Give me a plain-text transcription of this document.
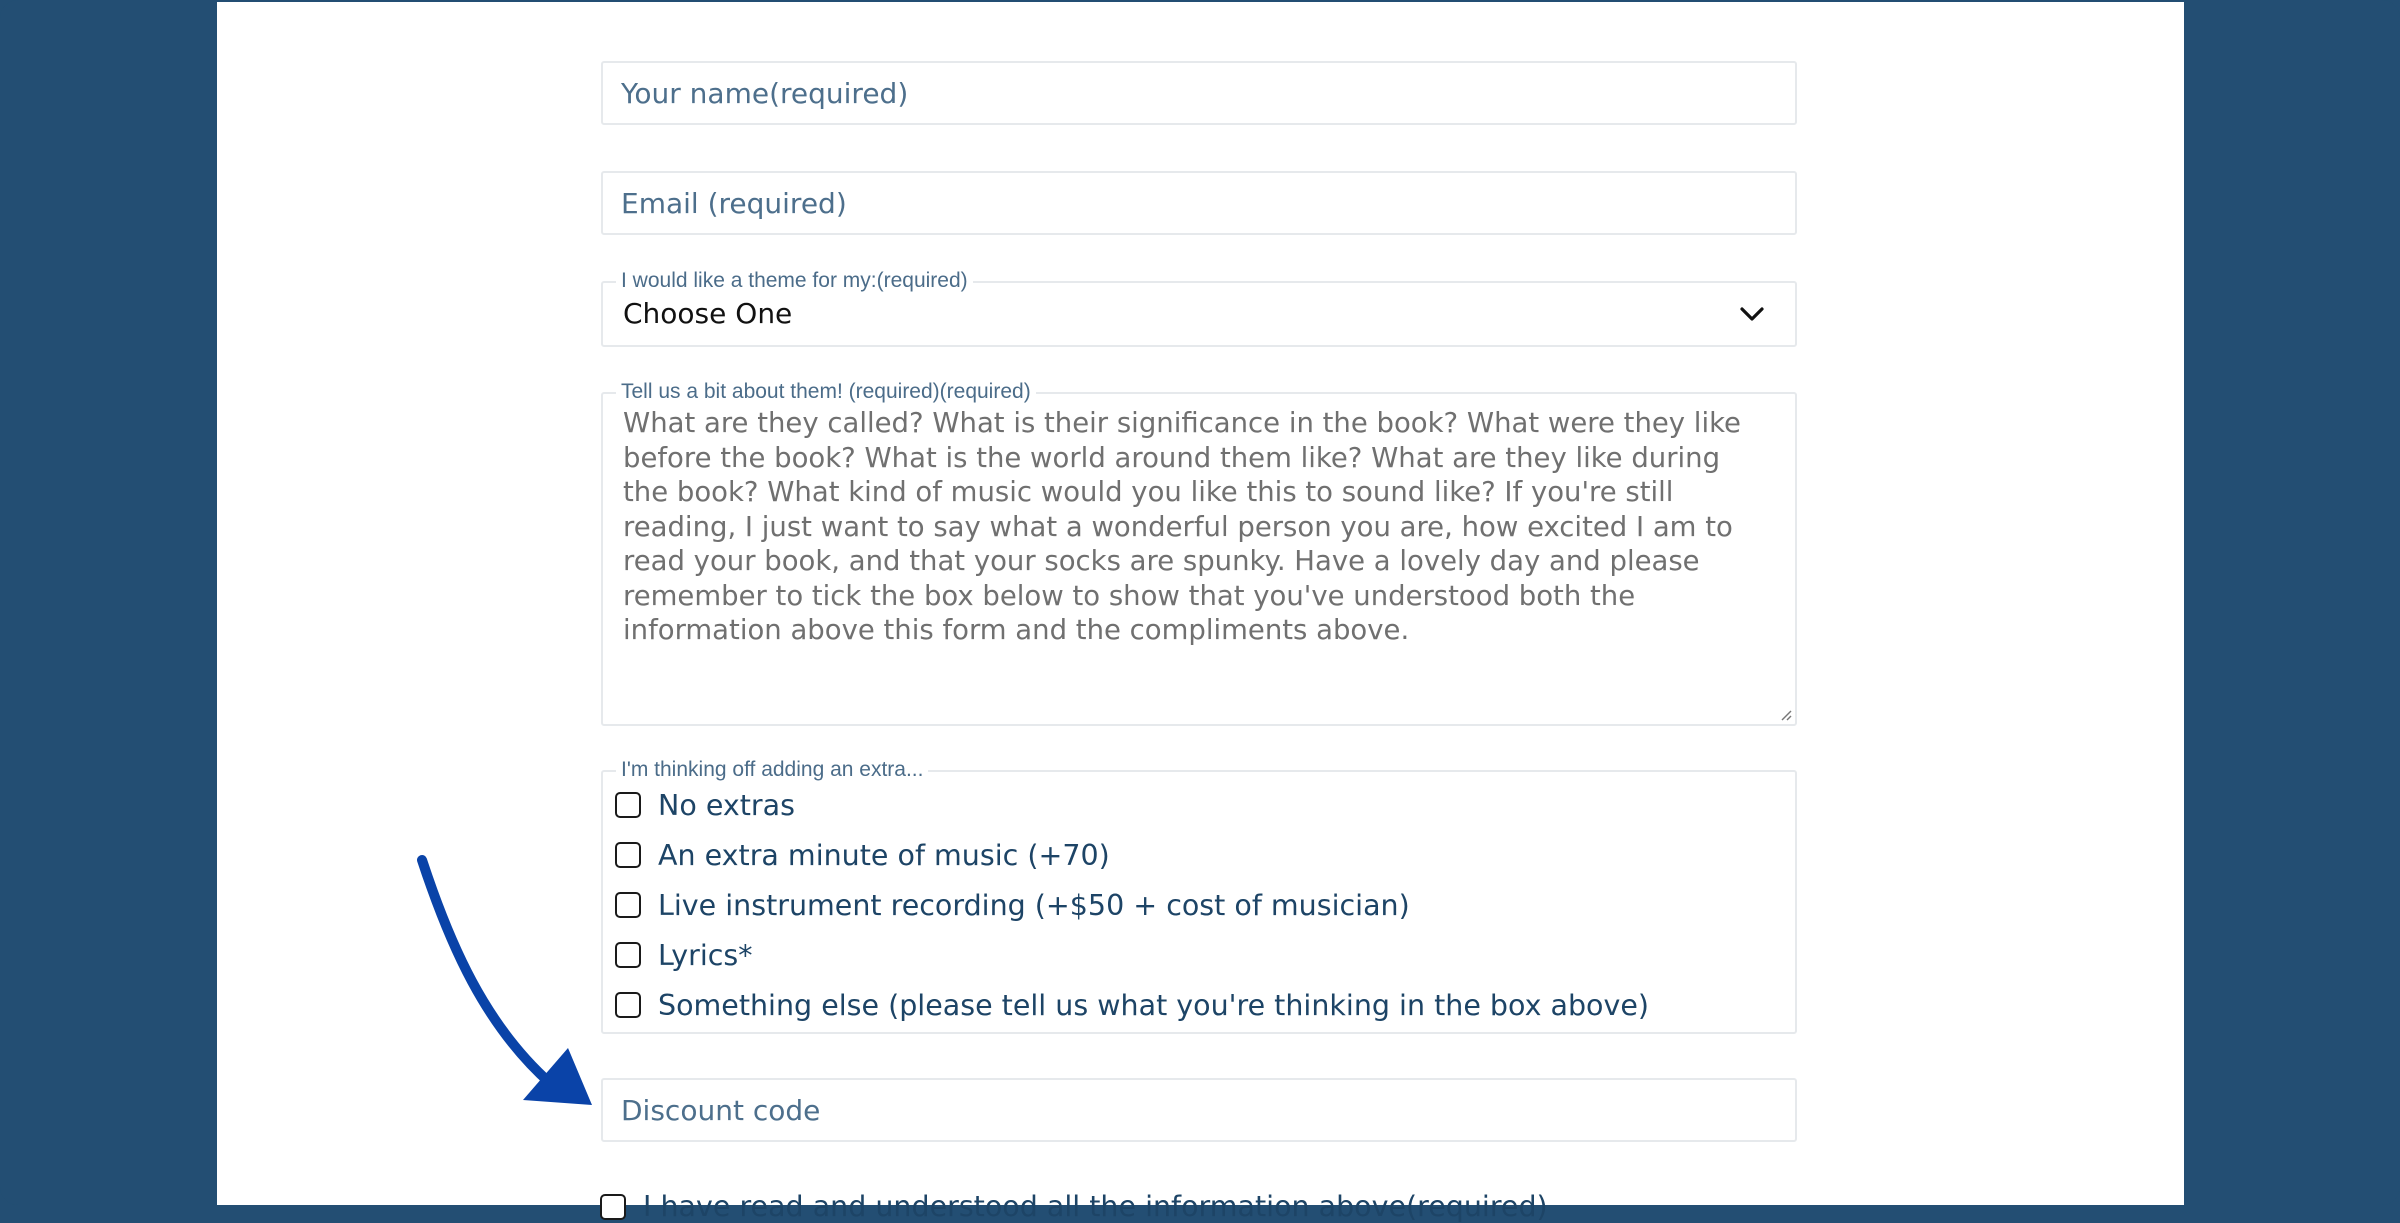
Your name(required)
Email (required)
I would like a theme for my:(required)
Choose One
Tell us a bit about them! (required)(required)

What are they called? What is their significance in the book? What were they like before the book? What is the world around them like? What are they like during the book? What kind of music would you like this to sound like? If you're still reading, I just want to say what a wonderful person you are, how excited I am to read your book, and that your socks are spunky. Have a lovely day and please remember to tick the box below to show that you've understood both the information above this form and the compliments above.

I'm thinking off adding an extra...
No extras
An extra minute of music (+70)
Live instrument recording (+$50 + cost of musician)
Lyrics*
Something else (please tell us what you're thinking in the box above)
Discount code
I have read and understood all the information above(required)
